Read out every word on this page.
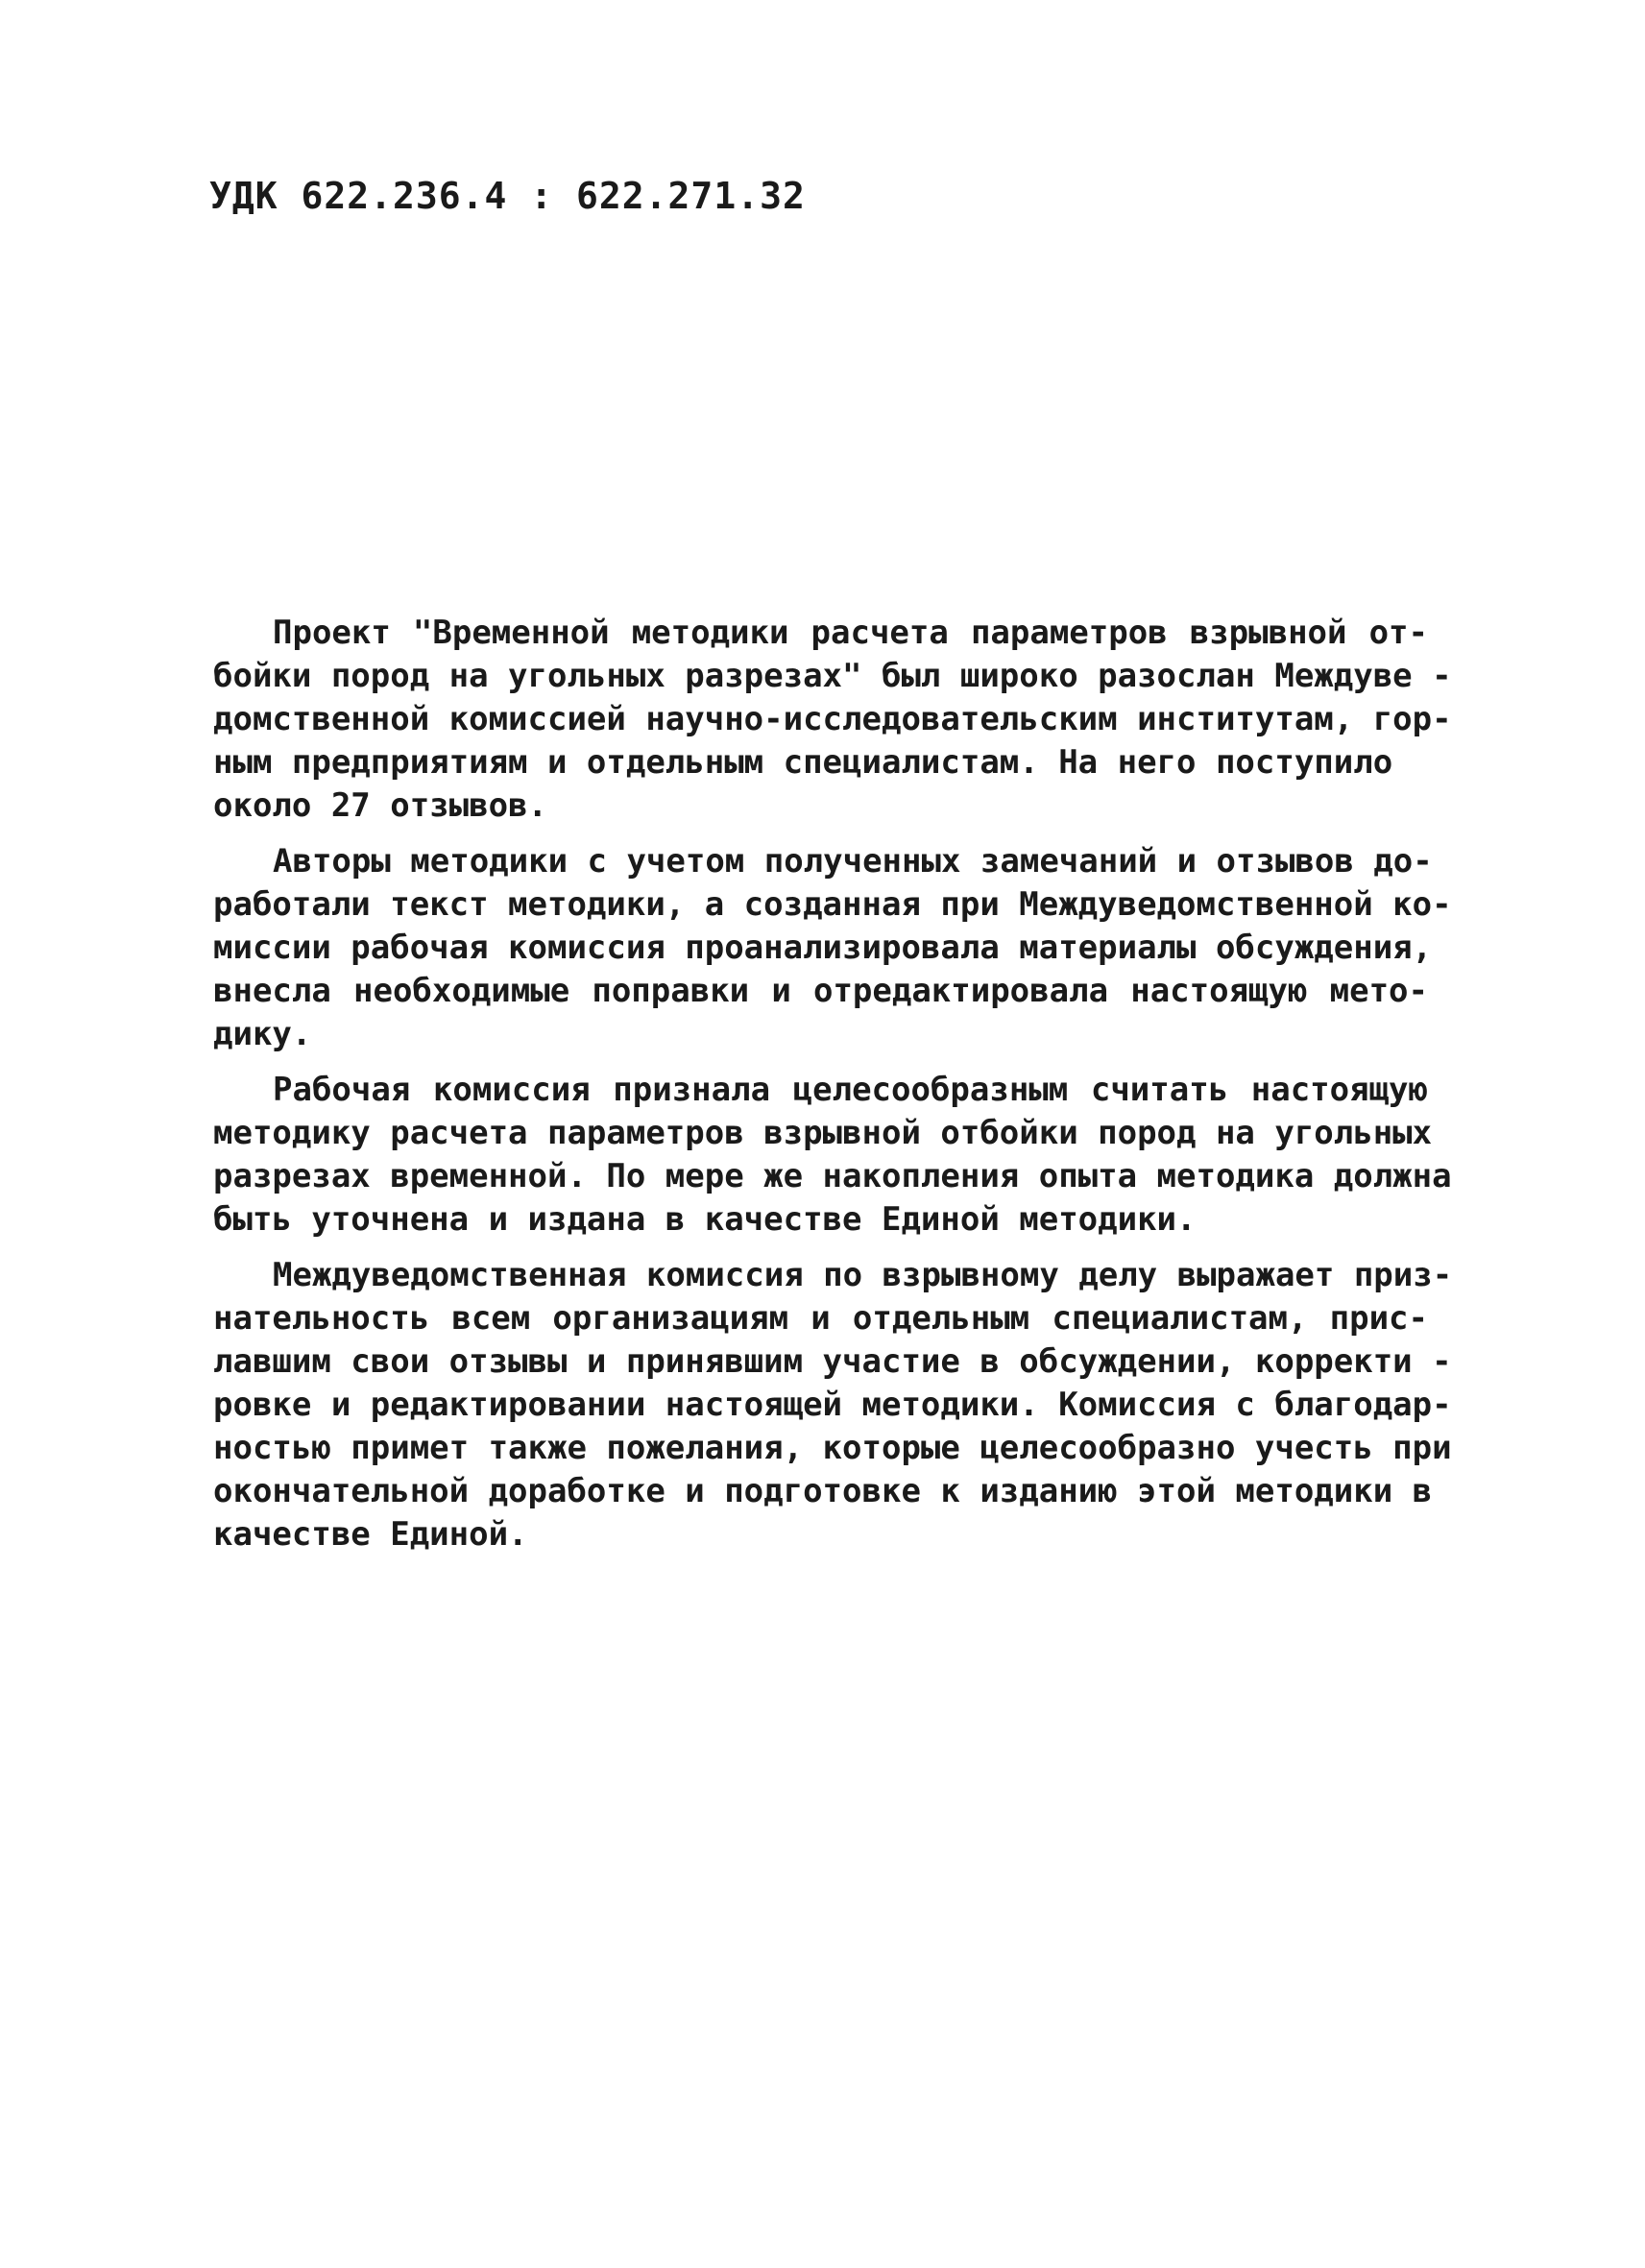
УДК 622.236.4 : 622.271.32
Проект "Временной методики расчета параметров взрывной от-
бойки пород на угольных разрезах" был широко разослан Междуве -
домственной комиссией научно-исследовательским институтам, гор-
ным предприятиям и отдельным специалистам. На него поступило
около 27 отзывов.
Авторы методики с учетом полученных замечаний и отзывов до-
работали текст методики, а созданная при Междуведомственной ко-
миссии рабочая комиссия проанализировала материалы обсуждения,
внесла необходимые поправки и отредактировала настоящую мето-
дику.
Рабочая комиссия признала целесообразным считать настоящую
методику расчета параметров взрывной отбойки пород на угольных
разрезах временной. По мере же накопления опыта методика должна
быть уточнена и издана в качестве Единой методики.
Междуведомственная комиссия по взрывному делу выражает приз-
нательность всем организациям и отдельным специалистам, прис-
лавшим свои отзывы и принявшим участие в обсуждении, корректи -
ровке и редактировании настоящей методики. Комиссия с благодар-
ностью примет также пожелания, которые целесообразно учесть при
окончательной доработке и подготовке к изданию этой методики в
качестве Единой.
